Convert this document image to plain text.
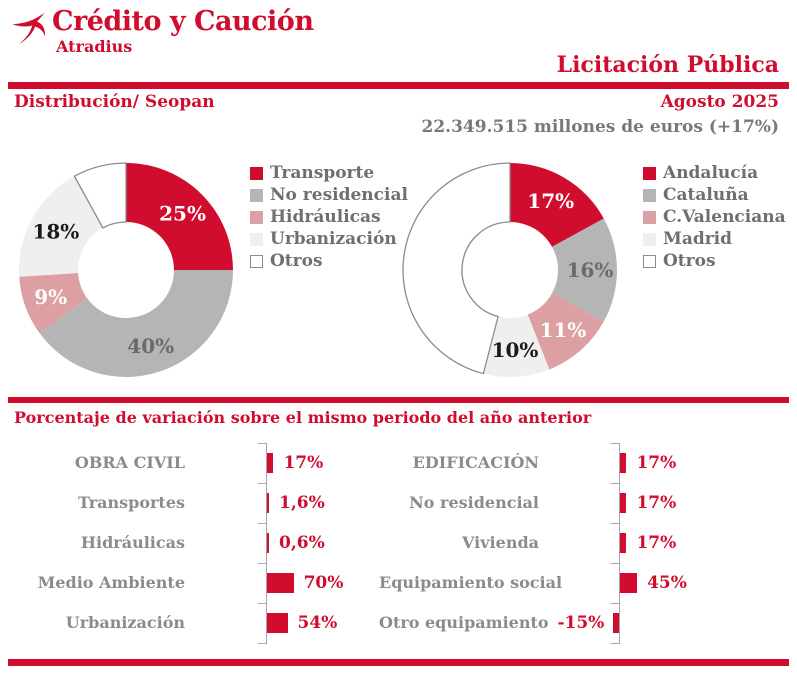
Crédito y Caución
Atradius
Licitación Pública
Distribución/ Seopan	Agosto 2025
22.349.515 millones de euros (+17%)
25%
40%
9%
18%
Transporte
No residencial
Hidráulicas
Urbanización
Otros
17%
16%
11%
10%
Andalucía
Cataluña
C.Valenciana
Madrid
Otros
Porcentaje de variación sobre el mismo periodo del año anterior
OBRA CIVIL	17%
Transportes	1,6%
Hidráulicas	0,6%
Medio Ambiente	70%
Urbanización	54%
EDIFICACIÓN	17%
No residencial	17%
Vivienda	17%
Equipamiento social	45%
Otro equipamiento -15%
